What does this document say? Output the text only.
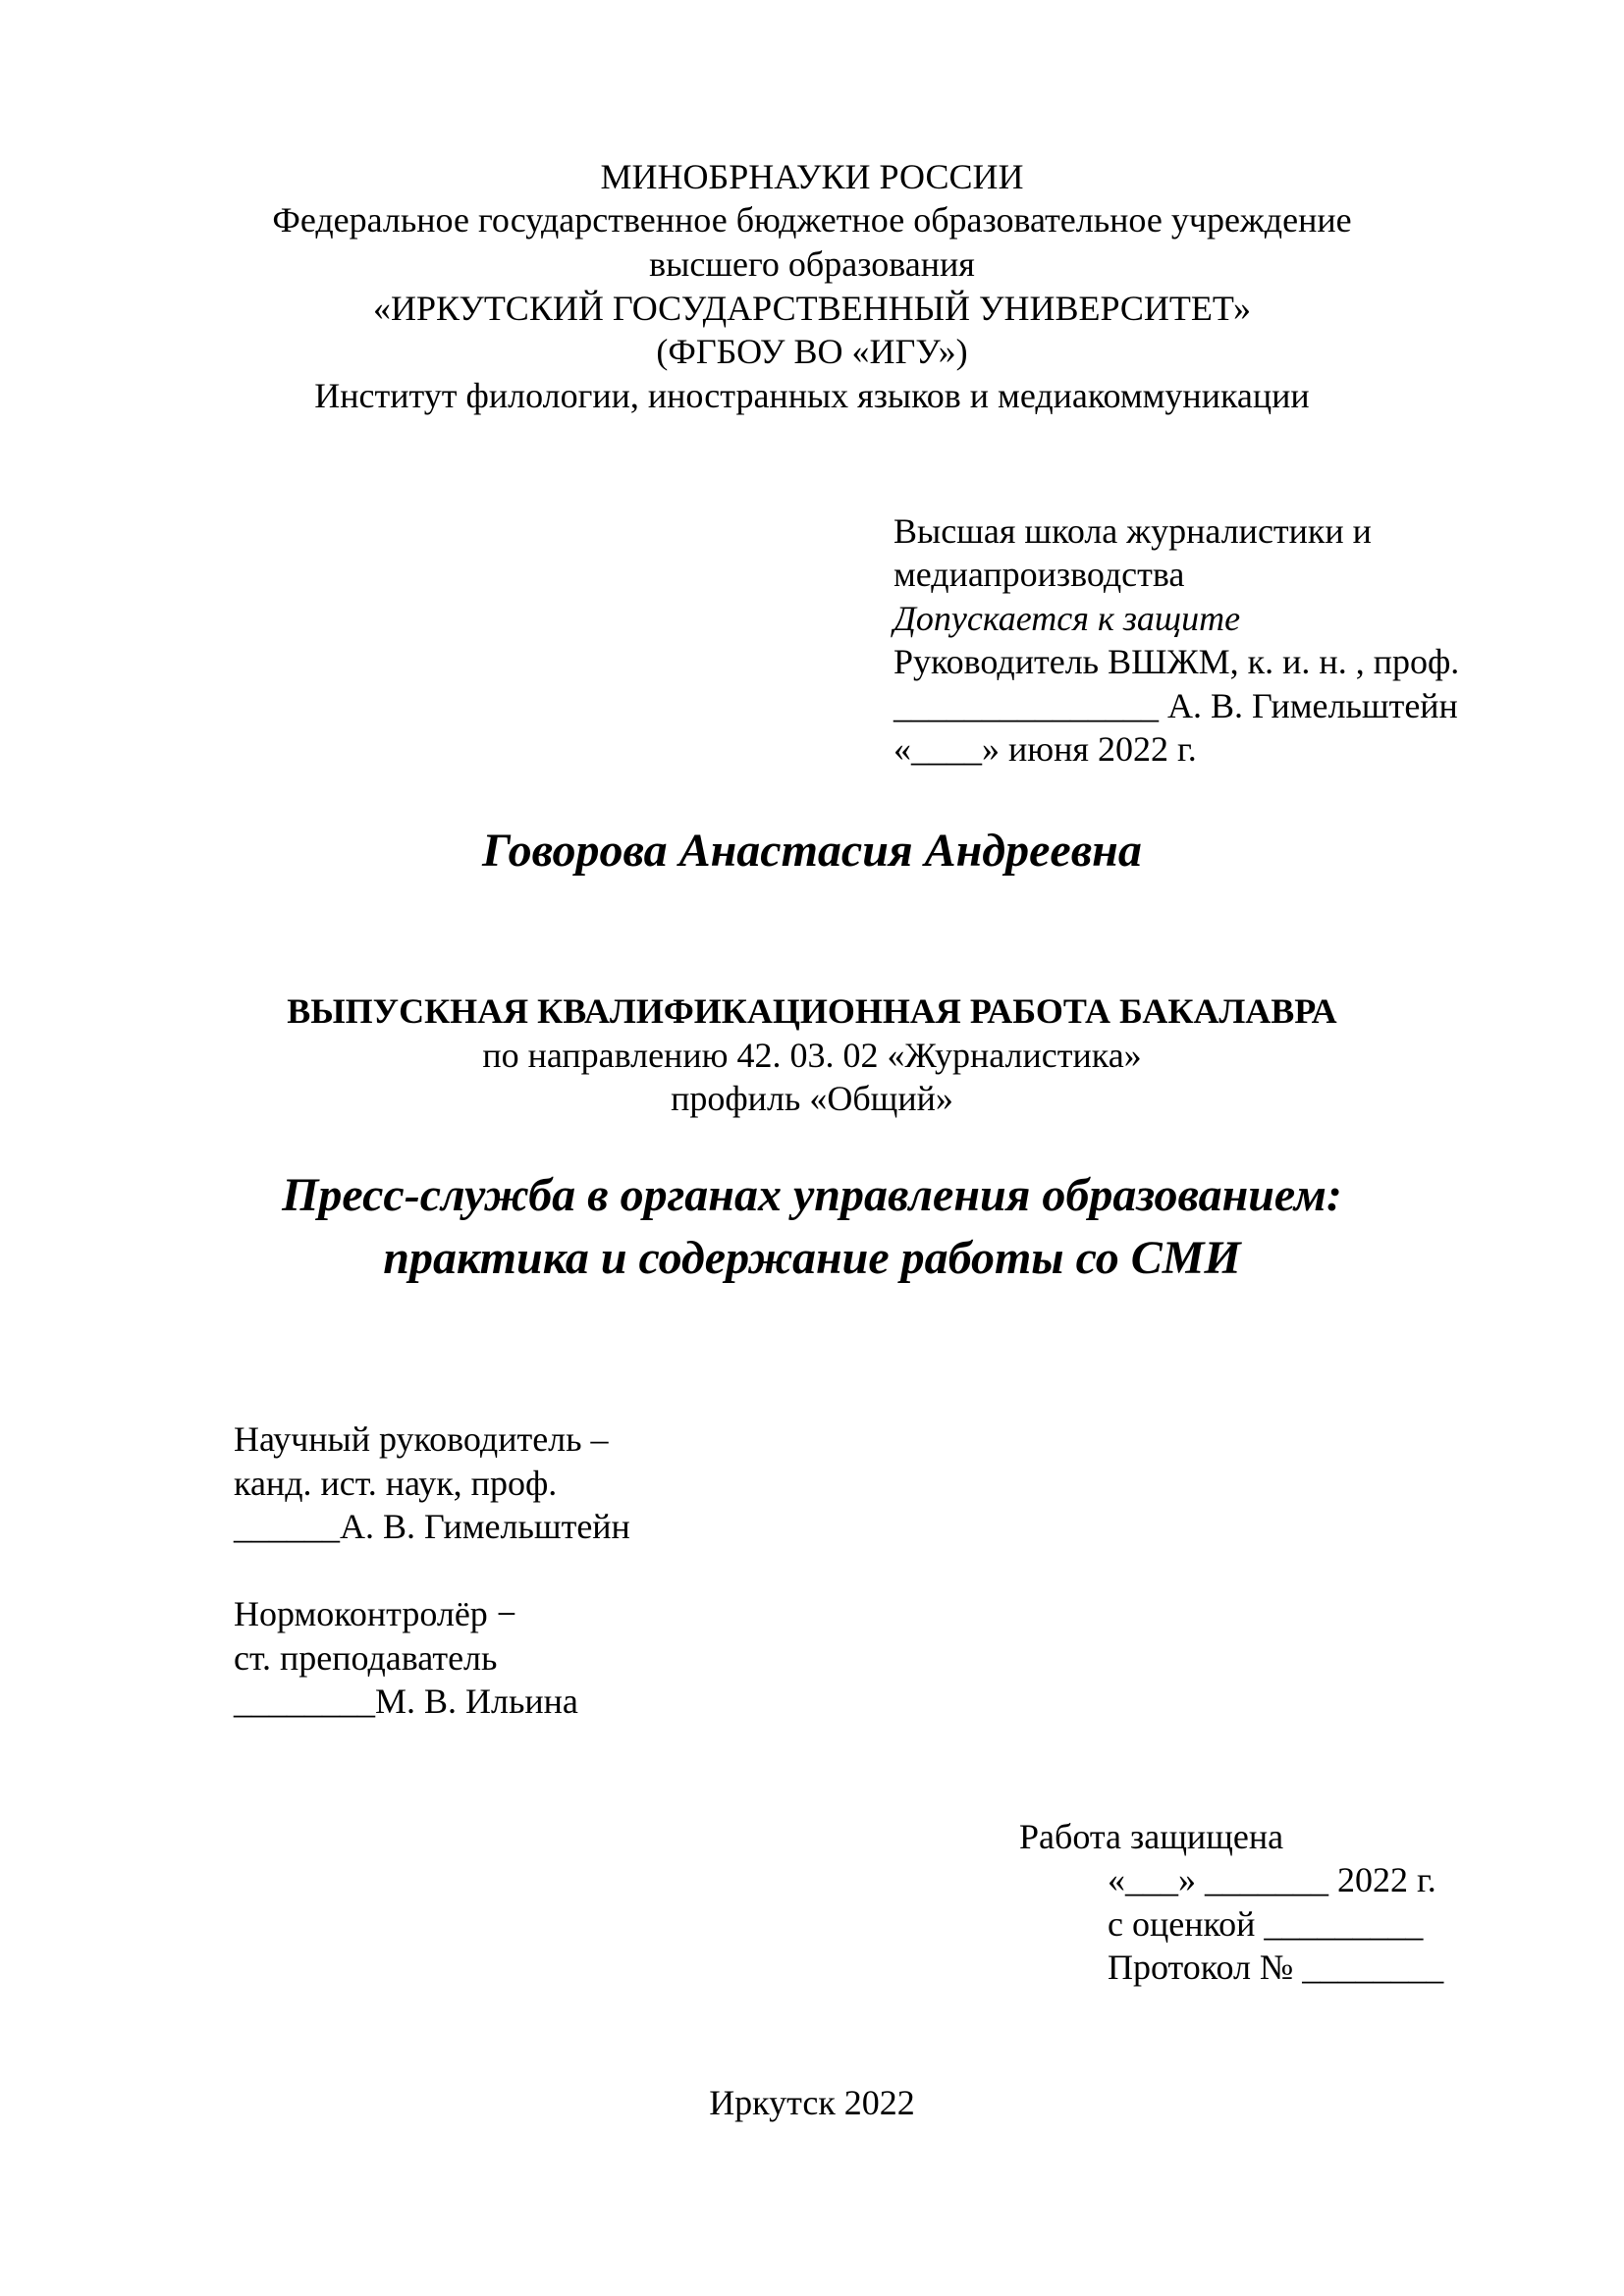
МИНОБРНАУКИ РОССИИ
Федеральное государственное бюджетное образовательное учреждение
высшего образования
«ИРКУТСКИЙ ГОСУДАРСТВЕННЫЙ УНИВЕРСИТЕТ»
(ФГБОУ ВО «ИГУ»)
Институт филологии, иностранных языков и медиакоммуникации
Высшая школа журналистики и
медиапроизводства
Допускается к защите
Руководитель ВШЖМ, к. и. н. , проф.
_______________ А. В. Гимельштейн
«____» июня 2022 г.
Говорова Анастасия Андреевна
ВЫПУСКНАЯ КВАЛИФИКАЦИОННАЯ РАБОТА БАКАЛАВРА
по направлению 42. 03. 02 «Журналистика»
профиль «Общий»
Пресс-служба в органах управления образованием:
практика и содержание работы со СМИ
Научный руководитель –
канд. ист. наук, проф.
______А. В. Гимельштейн
Нормоконтролёр −
ст. преподаватель
________М. В. Ильина
Работа защищена
«___» _______ 2022 г.
с оценкой _________
Протокол № ________
Иркутск 2022
